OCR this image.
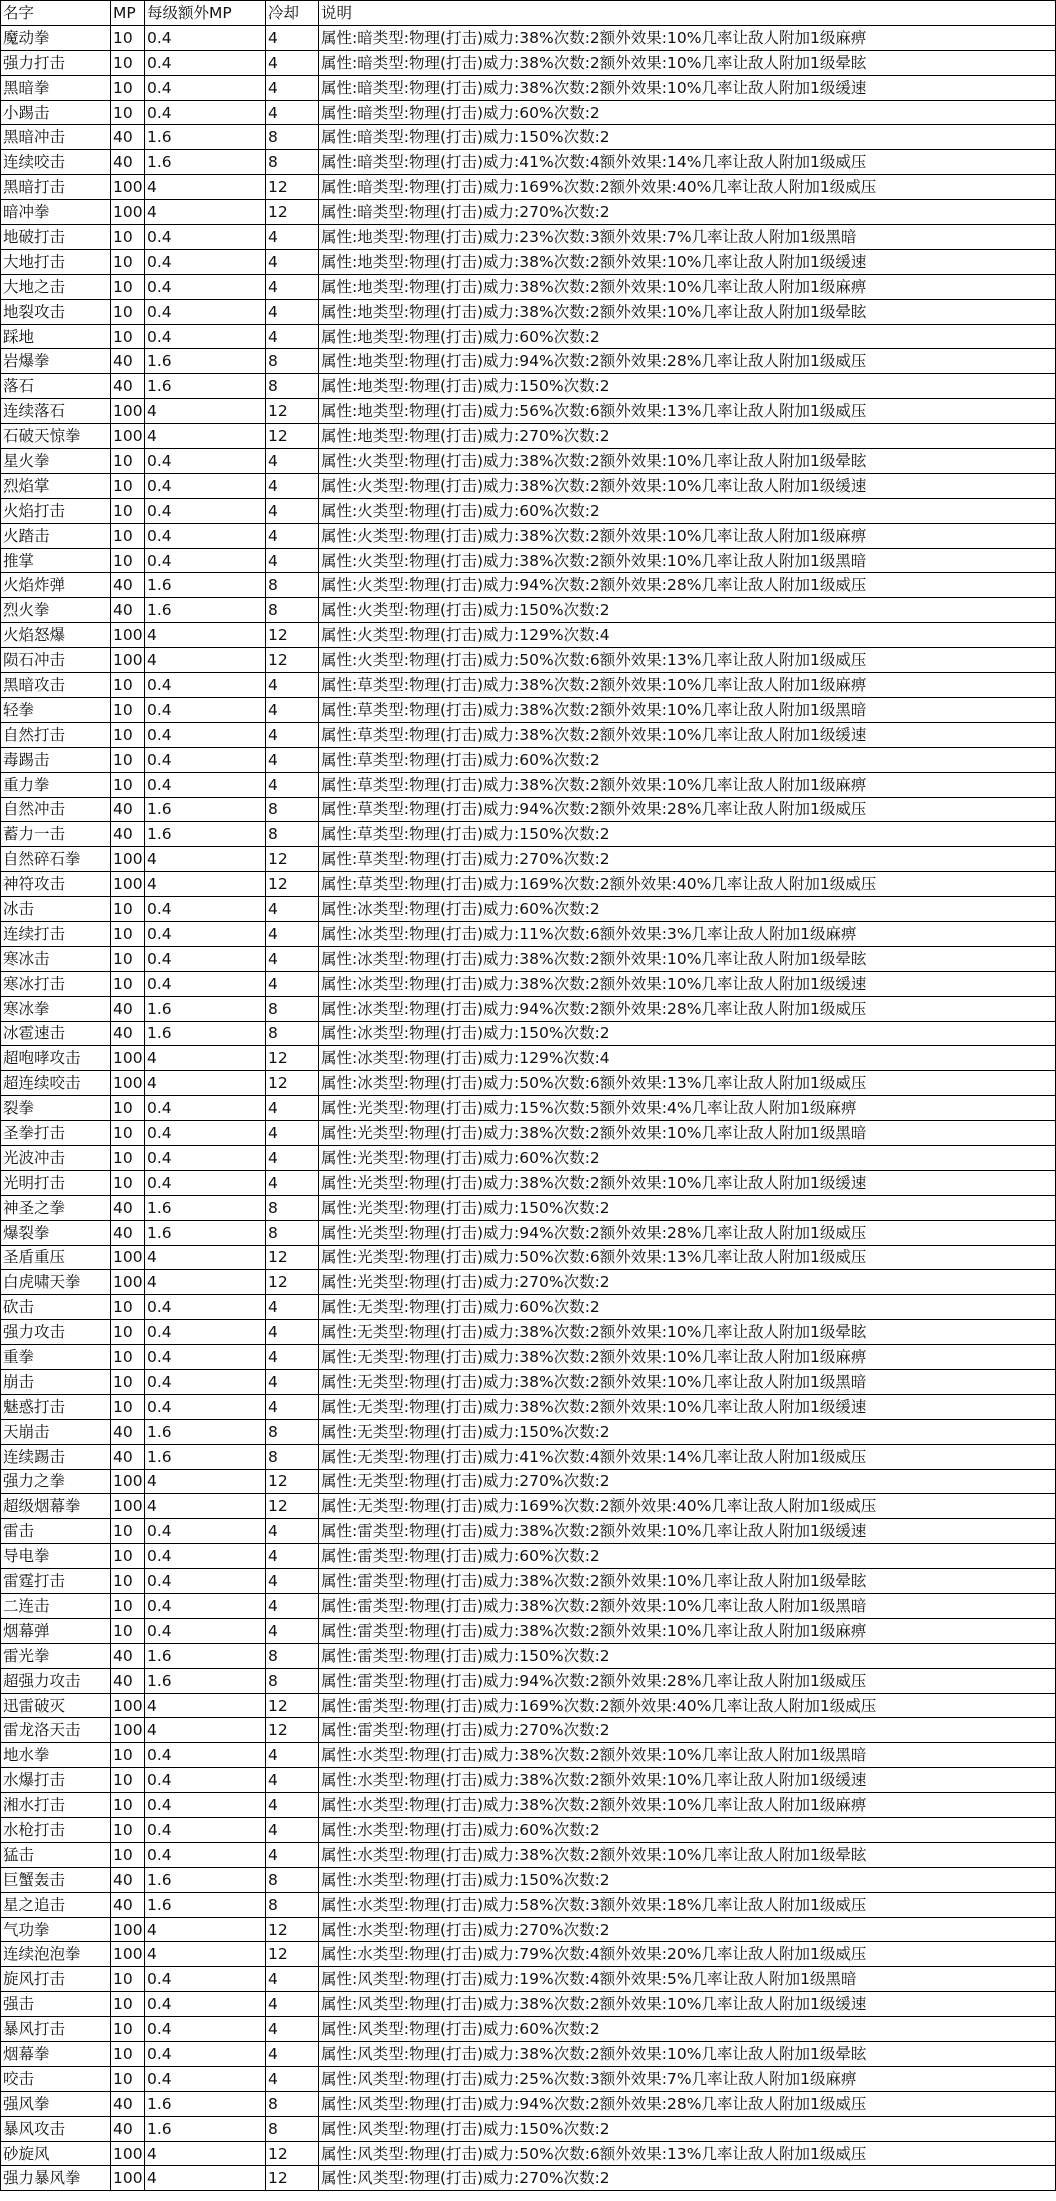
名字	MP	每级额外MP	冷却	说明
魔动拳	10	0.4	4	属性:暗类型:物理(打击)威力:38%次数:2额外效果:10%几率让敌人附加1级麻痹
强力打击	10	0.4	4	属性:暗类型:物理(打击)威力:38%次数:2额外效果:10%几率让敌人附加1级晕眩
黑暗拳	10	0.4	4	属性:暗类型:物理(打击)威力:38%次数:2额外效果:10%几率让敌人附加1级缓速
小踢击	10	0.4	4	属性:暗类型:物理(打击)威力:60%次数:2
黑暗冲击	40	1.6	8	属性:暗类型:物理(打击)威力:150%次数:2
连续咬击	40	1.6	8	属性:暗类型:物理(打击)威力:41%次数:4额外效果:14%几率让敌人附加1级威压
黑暗打击	100	4	12	属性:暗类型:物理(打击)威力:169%次数:2额外效果:40%几率让敌人附加1级威压
暗冲拳	100	4	12	属性:暗类型:物理(打击)威力:270%次数:2
地破打击	10	0.4	4	属性:地类型:物理(打击)威力:23%次数:3额外效果:7%几率让敌人附加1级黑暗
大地打击	10	0.4	4	属性:地类型:物理(打击)威力:38%次数:2额外效果:10%几率让敌人附加1级缓速
大地之击	10	0.4	4	属性:地类型:物理(打击)威力:38%次数:2额外效果:10%几率让敌人附加1级麻痹
地裂攻击	10	0.4	4	属性:地类型:物理(打击)威力:38%次数:2额外效果:10%几率让敌人附加1级晕眩
踩地	10	0.4	4	属性:地类型:物理(打击)威力:60%次数:2
岩爆拳	40	1.6	8	属性:地类型:物理(打击)威力:94%次数:2额外效果:28%几率让敌人附加1级威压
落石	40	1.6	8	属性:地类型:物理(打击)威力:150%次数:2
连续落石	100	4	12	属性:地类型:物理(打击)威力:56%次数:6额外效果:13%几率让敌人附加1级威压
石破天惊拳	100	4	12	属性:地类型:物理(打击)威力:270%次数:2
星火拳	10	0.4	4	属性:火类型:物理(打击)威力:38%次数:2额外效果:10%几率让敌人附加1级晕眩
烈焰掌	10	0.4	4	属性:火类型:物理(打击)威力:38%次数:2额外效果:10%几率让敌人附加1级缓速
火焰打击	10	0.4	4	属性:火类型:物理(打击)威力:60%次数:2
火踏击	10	0.4	4	属性:火类型:物理(打击)威力:38%次数:2额外效果:10%几率让敌人附加1级麻痹
推掌	10	0.4	4	属性:火类型:物理(打击)威力:38%次数:2额外效果:10%几率让敌人附加1级黑暗
火焰炸弹	40	1.6	8	属性:火类型:物理(打击)威力:94%次数:2额外效果:28%几率让敌人附加1级威压
烈火拳	40	1.6	8	属性:火类型:物理(打击)威力:150%次数:2
火焰怒爆	100	4	12	属性:火类型:物理(打击)威力:129%次数:4
陨石冲击	100	4	12	属性:火类型:物理(打击)威力:50%次数:6额外效果:13%几率让敌人附加1级威压
黑暗攻击	10	0.4	4	属性:草类型:物理(打击)威力:38%次数:2额外效果:10%几率让敌人附加1级麻痹
轻拳	10	0.4	4	属性:草类型:物理(打击)威力:38%次数:2额外效果:10%几率让敌人附加1级黑暗
自然打击	10	0.4	4	属性:草类型:物理(打击)威力:38%次数:2额外效果:10%几率让敌人附加1级缓速
毒踢击	10	0.4	4	属性:草类型:物理(打击)威力:60%次数:2
重力拳	10	0.4	4	属性:草类型:物理(打击)威力:38%次数:2额外效果:10%几率让敌人附加1级麻痹
自然冲击	40	1.6	8	属性:草类型:物理(打击)威力:94%次数:2额外效果:28%几率让敌人附加1级威压
蓄力一击	40	1.6	8	属性:草类型:物理(打击)威力:150%次数:2
自然碎石拳	100	4	12	属性:草类型:物理(打击)威力:270%次数:2
神符攻击	100	4	12	属性:草类型:物理(打击)威力:169%次数:2额外效果:40%几率让敌人附加1级威压
冰击	10	0.4	4	属性:冰类型:物理(打击)威力:60%次数:2
连续打击	10	0.4	4	属性:冰类型:物理(打击)威力:11%次数:6额外效果:3%几率让敌人附加1级麻痹
寒冰击	10	0.4	4	属性:冰类型:物理(打击)威力:38%次数:2额外效果:10%几率让敌人附加1级晕眩
寒冰打击	10	0.4	4	属性:冰类型:物理(打击)威力:38%次数:2额外效果:10%几率让敌人附加1级缓速
寒冰拳	40	1.6	8	属性:冰类型:物理(打击)威力:94%次数:2额外效果:28%几率让敌人附加1级威压
冰雹速击	40	1.6	8	属性:冰类型:物理(打击)威力:150%次数:2
超咆哮攻击	100	4	12	属性:冰类型:物理(打击)威力:129%次数:4
超连续咬击	100	4	12	属性:冰类型:物理(打击)威力:50%次数:6额外效果:13%几率让敌人附加1级威压
裂拳	10	0.4	4	属性:光类型:物理(打击)威力:15%次数:5额外效果:4%几率让敌人附加1级麻痹
圣拳打击	10	0.4	4	属性:光类型:物理(打击)威力:38%次数:2额外效果:10%几率让敌人附加1级黑暗
光波冲击	10	0.4	4	属性:光类型:物理(打击)威力:60%次数:2
光明打击	10	0.4	4	属性:光类型:物理(打击)威力:38%次数:2额外效果:10%几率让敌人附加1级缓速
神圣之拳	40	1.6	8	属性:光类型:物理(打击)威力:150%次数:2
爆裂拳	40	1.6	8	属性:光类型:物理(打击)威力:94%次数:2额外效果:28%几率让敌人附加1级威压
圣盾重压	100	4	12	属性:光类型:物理(打击)威力:50%次数:6额外效果:13%几率让敌人附加1级威压
白虎啸天拳	100	4	12	属性:光类型:物理(打击)威力:270%次数:2
砍击	10	0.4	4	属性:无类型:物理(打击)威力:60%次数:2
强力攻击	10	0.4	4	属性:无类型:物理(打击)威力:38%次数:2额外效果:10%几率让敌人附加1级晕眩
重拳	10	0.4	4	属性:无类型:物理(打击)威力:38%次数:2额外效果:10%几率让敌人附加1级麻痹
崩击	10	0.4	4	属性:无类型:物理(打击)威力:38%次数:2额外效果:10%几率让敌人附加1级黑暗
魅惑打击	10	0.4	4	属性:无类型:物理(打击)威力:38%次数:2额外效果:10%几率让敌人附加1级缓速
天崩击	40	1.6	8	属性:无类型:物理(打击)威力:150%次数:2
连续踢击	40	1.6	8	属性:无类型:物理(打击)威力:41%次数:4额外效果:14%几率让敌人附加1级威压
强力之拳	100	4	12	属性:无类型:物理(打击)威力:270%次数:2
超级烟幕拳	100	4	12	属性:无类型:物理(打击)威力:169%次数:2额外效果:40%几率让敌人附加1级威压
雷击	10	0.4	4	属性:雷类型:物理(打击)威力:38%次数:2额外效果:10%几率让敌人附加1级缓速
导电拳	10	0.4	4	属性:雷类型:物理(打击)威力:60%次数:2
雷霆打击	10	0.4	4	属性:雷类型:物理(打击)威力:38%次数:2额外效果:10%几率让敌人附加1级晕眩
二连击	10	0.4	4	属性:雷类型:物理(打击)威力:38%次数:2额外效果:10%几率让敌人附加1级黑暗
烟幕弹	10	0.4	4	属性:雷类型:物理(打击)威力:38%次数:2额外效果:10%几率让敌人附加1级麻痹
雷光拳	40	1.6	8	属性:雷类型:物理(打击)威力:150%次数:2
超强力攻击	40	1.6	8	属性:雷类型:物理(打击)威力:94%次数:2额外效果:28%几率让敌人附加1级威压
迅雷破灭	100	4	12	属性:雷类型:物理(打击)威力:169%次数:2额外效果:40%几率让敌人附加1级威压
雷龙洛天击	100	4	12	属性:雷类型:物理(打击)威力:270%次数:2
地水拳	10	0.4	4	属性:水类型:物理(打击)威力:38%次数:2额外效果:10%几率让敌人附加1级黑暗
水爆打击	10	0.4	4	属性:水类型:物理(打击)威力:38%次数:2额外效果:10%几率让敌人附加1级缓速
湘水打击	10	0.4	4	属性:水类型:物理(打击)威力:38%次数:2额外效果:10%几率让敌人附加1级麻痹
水枪打击	10	0.4	4	属性:水类型:物理(打击)威力:60%次数:2
猛击	10	0.4	4	属性:水类型:物理(打击)威力:38%次数:2额外效果:10%几率让敌人附加1级晕眩
巨蟹轰击	40	1.6	8	属性:水类型:物理(打击)威力:150%次数:2
星之追击	40	1.6	8	属性:水类型:物理(打击)威力:58%次数:3额外效果:18%几率让敌人附加1级威压
气功拳	100	4	12	属性:水类型:物理(打击)威力:270%次数:2
连续泡泡拳	100	4	12	属性:水类型:物理(打击)威力:79%次数:4额外效果:20%几率让敌人附加1级威压
旋风打击	10	0.4	4	属性:风类型:物理(打击)威力:19%次数:4额外效果:5%几率让敌人附加1级黑暗
强击	10	0.4	4	属性:风类型:物理(打击)威力:38%次数:2额外效果:10%几率让敌人附加1级缓速
暴风打击	10	0.4	4	属性:风类型:物理(打击)威力:60%次数:2
烟幕拳	10	0.4	4	属性:风类型:物理(打击)威力:38%次数:2额外效果:10%几率让敌人附加1级晕眩
咬击	10	0.4	4	属性:风类型:物理(打击)威力:25%次数:3额外效果:7%几率让敌人附加1级麻痹
强风拳	40	1.6	8	属性:风类型:物理(打击)威力:94%次数:2额外效果:28%几率让敌人附加1级威压
暴风攻击	40	1.6	8	属性:风类型:物理(打击)威力:150%次数:2
砂旋风	100	4	12	属性:风类型:物理(打击)威力:50%次数:6额外效果:13%几率让敌人附加1级威压
强力暴风拳	100	4	12	属性:风类型:物理(打击)威力:270%次数:2
